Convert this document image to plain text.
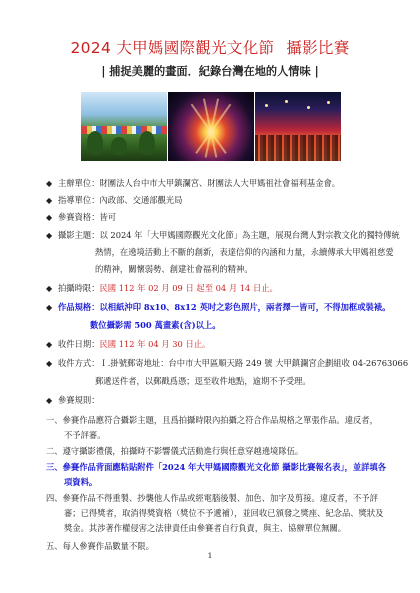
2024 大甲媽國際觀光文化節 攝影比賽
| 捕捉美麗的畫面．紀錄台灣在地的人情味 |
◆ 主辦單位：財團法人台中市大甲鎮瀾宮、財團法人大甲媽祖社會福利基金會。
◆ 指導單位：內政部、交通部觀光局
◆ 參賽資格：皆可
◆ 攝影主題：以 2024 年「大甲媽國際觀光文化節」為主題，展現台灣人對宗教文化的獨特傳統
熱情，在遶境活動上不斷的創新，表達信仰的內涵和力量，永續傳承大甲媽祖慈愛
的精神，關懷弱勢、創建社會福利的精神。
◆ 拍攝時限：民國 112 年 02 月 09 日 起至 04 月 14 日止。
◆ 作品規格：以相紙沖印 8x10、8x12 英吋之彩色照片，兩者擇一皆可，不得加框或裝裱。
數位攝影需 500 萬畫素(含)以上。
◆ 收件日期：民國 112 年 04 月 30 日止。
◆ 收件方式：Ｉ.掛號郵寄地址：台中市大甲區順天路 249 號 大甲鎮瀾宮企劃組收 04-26763066
郵遞送件者，以郵戳爲憑；逕至收件地點，逾期不予受理。
◆ 參賽規則：
一、參賽作品應符合攝影主題，且爲拍攝時限內拍攝之符合作品規格之單張作品。違反者，
不予評審。
二、遵守攝影禮儀，拍攝時不影響儀式活動進行與任意穿越遶境隊伍。
三、參賽作品背面應粘貼附件「2024 年大甲媽國際觀光文化節 攝影比賽報名表」，並詳填各
項資料。
四、參賽作品不得重製、抄襲他人作品或經電腦後製、加色、加字及剪接。違反者，不予評
審；已得獎者，取消得獎資格（獎位不予遞補），並回收已頒發之獎座、紀念品、獎狀及
獎金。其涉著作權侵害之法律責任由參賽者自行負責，與主、協辦單位無關。
五、每人參賽作品數量不限。
1
